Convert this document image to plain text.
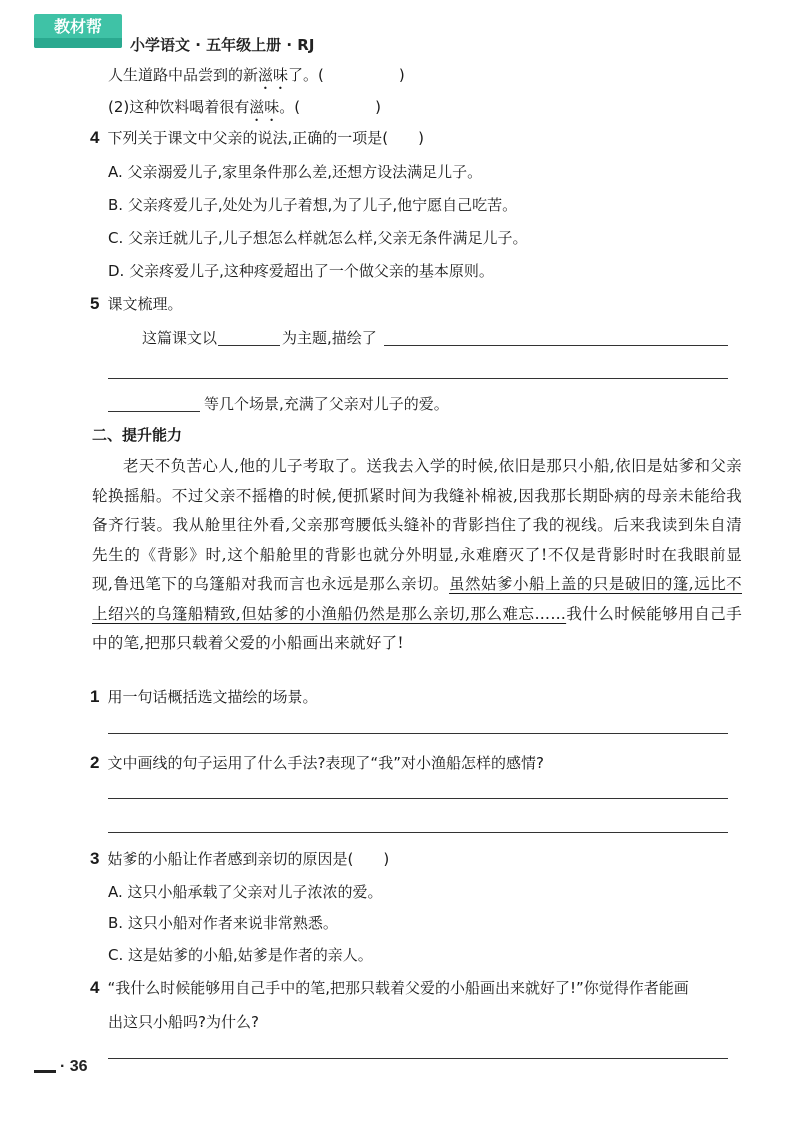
教材帮
小学语文 · 五年级上册 · RJ
人生道路中品尝到的新滋味了。(　　　　　)
(2)这种饮料喝着很有滋味。(　　　　　)
4 下列关于课文中父亲的说法,正确的一项是(　　)
A. 父亲溺爱儿子,家里条件那么差,还想方设法满足儿子。
B. 父亲疼爱儿子,处处为儿子着想,为了儿子,他宁愿自己吃苦。
C. 父亲迁就儿子,儿子想怎么样就怎么样,父亲无条件满足儿子。
D. 父亲疼爱儿子,这种疼爱超出了一个做父亲的基本原则。
5 课文梳理。
这篇课文以	为主题,描绘了
等几个场景,充满了父亲对儿子的爱。
二、提升能力

老天不负苦心人,他的儿子考取了。送我去入学的时候,依旧是那只小船,依旧是姑爹和父亲轮换摇船。不过父亲不摇橹的时候,便抓紧时间为我缝补棉被,因我那长期卧病的母亲未能给我备齐行装。我从舱里往外看,父亲那弯腰低头缝补的背影挡住了我的视线。后来我读到朱自清先生的《背影》时,这个船舱里的背影也就分外明显,永难磨灭了!不仅是背影时时在我眼前显现,鲁迅笔下的乌篷船对我而言也永远是那么亲切。虽然姑爹小船上盖的只是破旧的篷,远比不上绍兴的乌篷船精致,但姑爹的小渔船仍然是那么亲切,那么难忘……我什么时候能够用自己手中的笔,把那只载着父爱的小船画出来就好了!

1 用一句话概括选文描绘的场景。
2 文中画线的句子运用了什么手法?表现了“我”对小渔船怎样的感情?
3 姑爹的小船让作者感到亲切的原因是(　　)
A. 这只小船承载了父亲对儿子浓浓的爱。
B. 这只小船对作者来说非常熟悉。
C. 这是姑爹的小船,姑爹是作者的亲人。
4 “我什么时候能够用自己手中的笔,把那只载着父爱的小船画出来就好了!”你觉得作者能画
出这只小船吗?为什么?
· 36
